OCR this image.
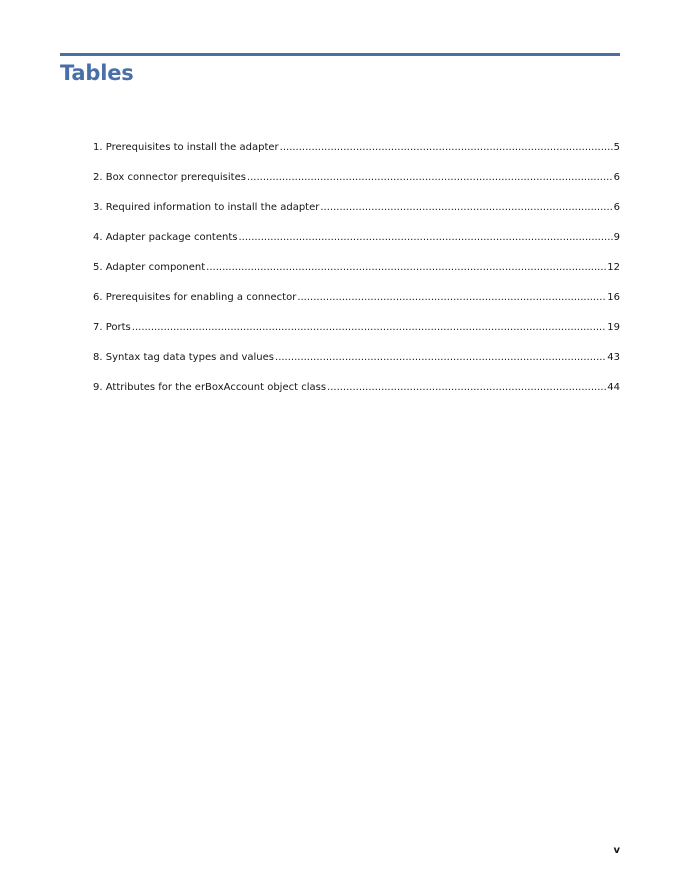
Tables
1. Prerequisites to install the adapter .....	5
2. Box connector prerequisites .....	6
3. Required information to install the adapter .....	6
4. Adapter package contents .....	9
5. Adapter component .....	12
6. Prerequisites for enabling a connector .....	16
7. Ports .....	19
8. Syntax tag data types and values .....	43
9. Attributes for the erBoxAccount object class .....	44
v
